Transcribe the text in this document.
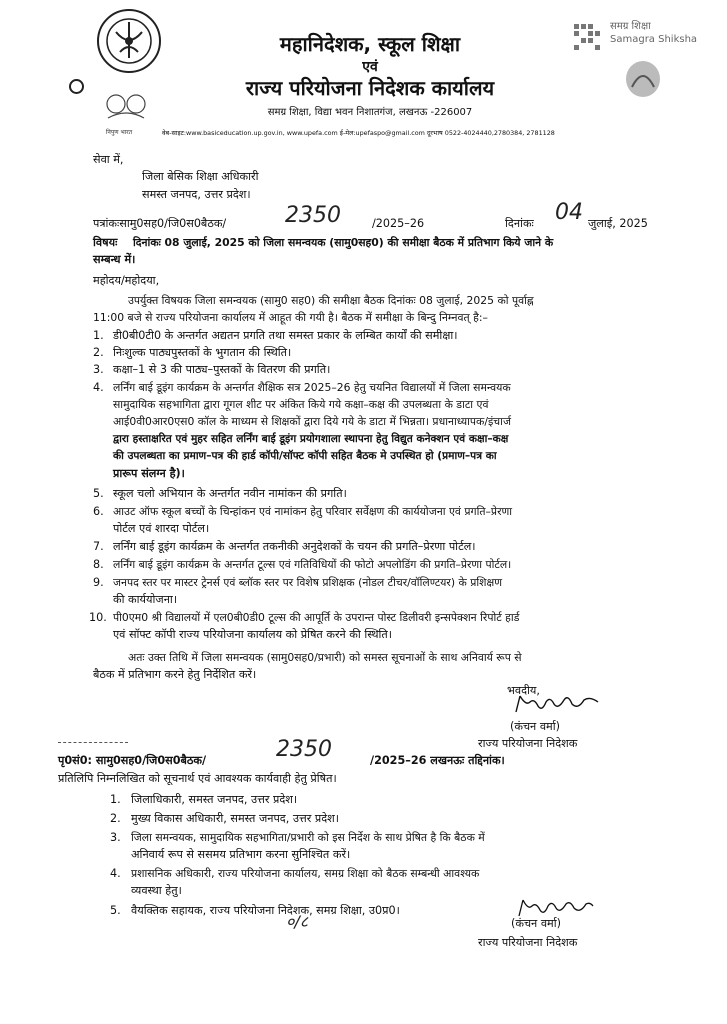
निपुण भारत
महानिदेशक, स्कूल शिक्षा
एवं
राज्य परियोजना निदेशक कार्यालय
समग्र शिक्षा, विद्या भवन निशातगंज, लखनऊ -226007
वेब-साइट:www.basiceducation.up.gov.in, www.upefa.com ई-मेल:upefaspo@gmail.com दूरभाष 0522-4024440,2780384, 2781128
समग्र शिक्षा
Samagra Shiksha
सेवा में,
जिला बेसिक शिक्षा अधिकारी
समस्त जनपद, उत्तर प्रदेश।
पत्रांकःसामु0सह0/जि0स0बैठक/	2350	/2025–26	दिनांकः 04 जुलाई, 2025
विषयः दिनांकः 08 जुलाई, 2025 को जिला समन्वयक (सामु0सह0) की समीक्षा बैठक में प्रतिभाग किये जाने के
सम्बन्ध में।
महोदय/महोदया,
उपर्युक्त विषयक जिला समन्वयक (सामु0 सह0) की समीक्षा बैठक दिनांकः 08 जुलाई, 2025 को पूर्वाह्न
11:00 बजे से राज्य परियोजना कार्यालय में आहूत की गयी है। बैठक में समीक्षा के बिन्दु निम्नवत् है:–
1. डी0बी0टी0 के अन्तर्गत अद्यतन प्रगति तथा समस्त प्रकार के लम्बित कार्यों की समीक्षा।
2. निःशुल्क पाठ्यपुस्तकों के भुगतान की स्थिति।
3. कक्षा–1 से 3 की पाठ्य–पुस्तकों के वितरण की प्रगति।
4. लर्निंग बाई डूइंग कार्यक्रम के अन्तर्गत शैक्षिक सत्र 2025–26 हेतु चयनित विद्यालयों में जिला समन्वयक
सामुदायिक सहभागिता द्वारा गूगल शीट पर अंकित किये गये कक्षा–कक्ष की उपलब्धता के डाटा एवं
आई0वी0आर0एस0 कॉल के माध्यम से शिक्षकों द्वारा दिये गये के डाटा में भिन्नता। प्रधानाध्यापक/इंचार्ज
द्वारा हस्ताक्षरित एवं मुहर सहित लर्निंग बाई डूइंग प्रयोगशाला स्थापना हेतु विद्युत कनेक्शन एवं कक्षा–कक्ष
की उपलब्धता का प्रमाण–पत्र की हार्ड कॉपी/सॉफ्ट कॉपी सहित बैठक मे उपस्थित हो (प्रमाण–पत्र का
प्रारूप संलग्न है)।
5. स्कूल चलो अभियान के अन्तर्गत नवीन नामांकन की प्रगति।
6. आउट ऑफ स्कूल बच्चों के चिन्हांकन एवं नामांकन हेतु परिवार सर्वेक्षण की कार्ययोजना एवं प्रगति–प्रेरणा
पोर्टल एवं शारदा पोर्टल।
7. लर्निंग बाई डूइंग कार्यक्रम के अन्तर्गत तकनीकी अनुदेशकों के चयन की प्रगति–प्रेरणा पोर्टल।
8. लर्निंग बाई डूइंग कार्यक्रम के अन्तर्गत टूल्स एवं गतिविधियों की फोटो अपलोडिंग की प्रगति–प्रेरणा पोर्टल।
9. जनपद स्तर पर मास्टर ट्रेनर्स एवं ब्लॉक स्तर पर विशेष प्रशिक्षक (नोडल टीचर/वॉलिण्टयर) के प्रशिक्षण
की कार्ययोजना।
10. पी0एम0 श्री विद्यालयों में एल0बी0डी0 टूल्स की आपूर्ति के उपरान्त पोस्ट डिलीवरी इन्सपेक्शन रिपोर्ट हार्ड
एवं सॉफ्ट कॉपी राज्य परियोजना कार्यालय को प्रेषित करने की स्थिति।
अतः उक्त तिथि में जिला समन्वयक (सामु0सह0/प्रभारी) को समस्त सूचनाओं के साथ अनिवार्य रूप से
बैठक में प्रतिभाग करने हेतु निर्देशित करें।
भवदीय,
(कंचन वर्मा)
राज्य परियोजना निदेशक
पृ0सं0: सामु0सह0/जि0स0बैठक/	2350	/2025–26 लखनऊः तद्दिनांक।
प्रतिलिपि निम्नलिखित को सूचनार्थ एवं आवश्यक कार्यवाही हेतु प्रेषित।
1. जिलाधिकारी, समस्त जनपद, उत्तर प्रदेश।
2. मुख्य विकास अधिकारी, समस्त जनपद, उत्तर प्रदेश।
3. जिला समन्वयक, सामुदायिक सहभागिता/प्रभारी को इस निर्देश के साथ प्रेषित है कि बैठक में
अनिवार्य रूप से ससमय प्रतिभाग करना सुनिश्चित करें।
4. प्रशासनिक अधिकारी, राज्य परियोजना कार्यालय, समग्र शिक्षा को बैठक सम्बन्धी आवश्यक
व्यवस्था हेतु।
5. वैयक्तिक सहायक, राज्य परियोजना निदेशक, समग्र शिक्षा, उ0प्र0।
०/८	(कंचन वर्मा)
राज्य परियोजना निदेशक
